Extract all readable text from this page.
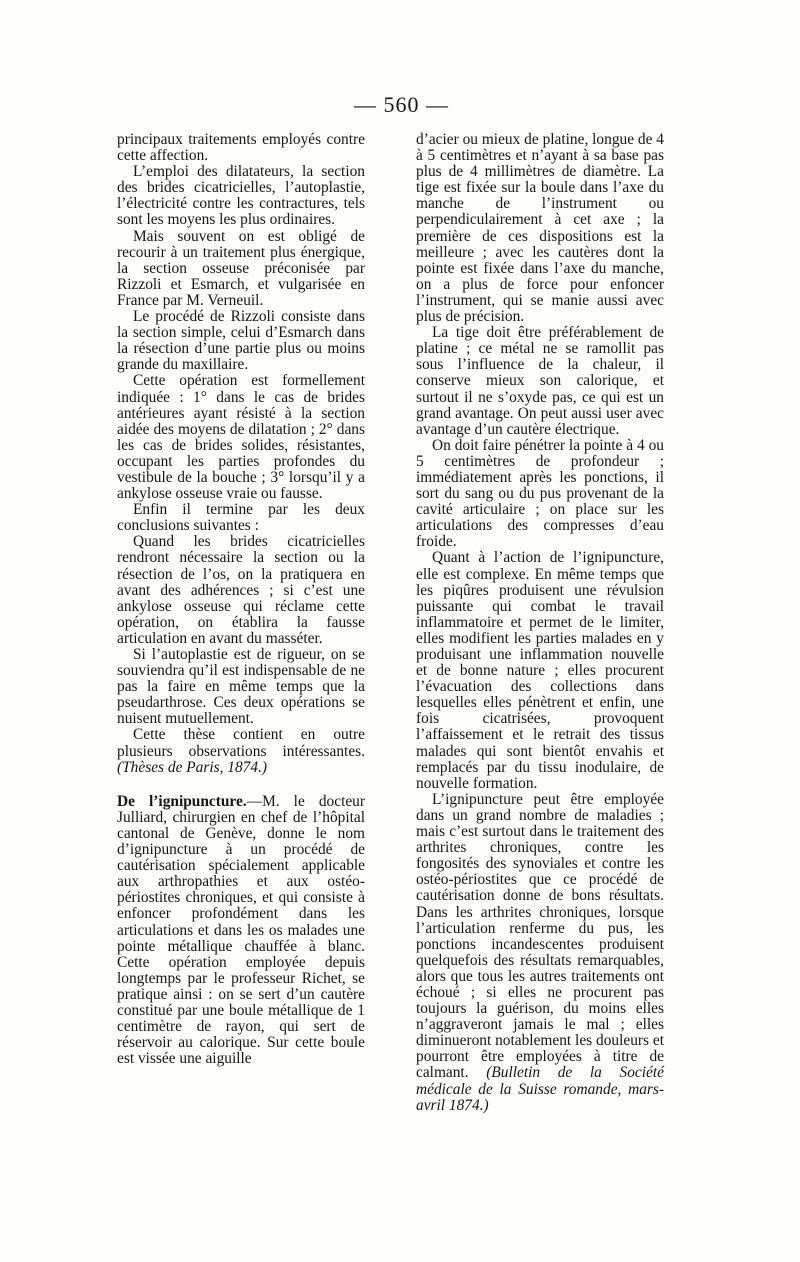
— 560 —

principaux traitements employés contre cette affection.

L’emploi des dilatateurs, la section des brides cicatricielles, l’autoplastie, l’électricité contre les contractures, tels sont les moyens les plus ordinaires.

Mais souvent on est obligé de recourir à un traitement plus énergique, la section osseuse préconisée par Rizzoli et Esmarch, et vulgarisée en France par M. Verneuil.

Le procédé de Rizzoli consiste dans la section simple, celui d’Esmarch dans la résection d’une partie plus ou moins grande du maxillaire.

Cette opération est formellement indiquée : 1° dans le cas de brides antérieures ayant résisté à la section aidée des moyens de dilatation ; 2° dans les cas de brides solides, résistantes, occupant les parties profondes du vestibule de la bouche ; 3° lorsqu’il y a ankylose osseuse vraie ou fausse.

Enfin il termine par les deux conclusions suivantes :

Quand les brides cicatricielles rendront nécessaire la section ou la résection de l’os, on la pratiquera en avant des adhérences ; si c’est une ankylose osseuse qui réclame cette opération, on établira la fausse articulation en avant du masséter.

Si l’autoplastie est de rigueur, on se souviendra qu’il est indispensable de ne pas la faire en même temps que la pseudarthrose. Ces deux opérations se nuisent mutuellement.

Cette thèse contient en outre plusieurs observations intéressantes. (Thèses de Paris, 1874.)

De l’ignipuncture.—M. le docteur Julliard, chirurgien en chef de l’hôpital cantonal de Genève, donne le nom d’ignipuncture à un procédé de cautérisation spécialement applicable aux arthropathies et aux ostéo-périostites chroniques, et qui consiste à enfoncer profondément dans les articulations et dans les os malades une pointe métallique chauffée à blanc. Cette opération employée depuis longtemps par le professeur Richet, se pratique ainsi : on se sert d’un cautère constitué par une boule métallique de 1 centimètre de rayon, qui sert de réservoir au calorique. Sur cette boule est vissée une aiguille

d’acier ou mieux de platine, longue de 4 à 5 centimètres et n’ayant à sa base pas plus de 4 millimètres de diamètre. La tige est fixée sur la boule dans l’axe du manche de l’instrument ou perpendiculairement à cet axe ; la première de ces dispositions est la meilleure ; avec les cautères dont la pointe est fixée dans l’axe du manche, on a plus de force pour enfoncer l’instrument, qui se manie aussi avec plus de précision.

La tige doit être préférablement de platine ; ce métal ne se ramollit pas sous l’influence de la chaleur, il conserve mieux son calorique, et surtout il ne s’oxyde pas, ce qui est un grand avantage. On peut aussi user avec avantage d’un cautère électrique.

On doit faire pénétrer la pointe à 4 ou 5 centimètres de profondeur ; immédiatement après les ponctions, il sort du sang ou du pus provenant de la cavité articulaire ; on place sur les articulations des compresses d’eau froide.

Quant à l’action de l’ignipuncture, elle est complexe. En même temps que les piqûres produisent une révulsion puissante qui combat le travail inflammatoire et permet de le limiter, elles modifient les parties malades en y produisant une inflammation nouvelle et de bonne nature ; elles procurent l’évacuation des collections dans lesquelles elles pénètrent et enfin, une fois cicatrisées, provoquent l’affaissement et le retrait des tissus malades qui sont bientôt envahis et remplacés par du tissu inodulaire, de nouvelle formation.

L’ignipuncture peut être employée dans un grand nombre de maladies ; mais c’est surtout dans le traitement des arthrites chroniques, contre les fongosités des synoviales et contre les ostéo-périostites que ce procédé de cautérisation donne de bons résultats. Dans les arthrites chroniques, lorsque l’articulation renferme du pus, les ponctions incandescentes produisent quelquefois des résultats remarquables, alors que tous les autres traitements ont échoué ; si elles ne procurent pas toujours la guérison, du moins elles n’aggraveront jamais le mal ; elles diminueront notablement les douleurs et pourront être employées à titre de calmant. (Bulletin de la Société médicale de la Suisse romande, mars-avril 1874.)
